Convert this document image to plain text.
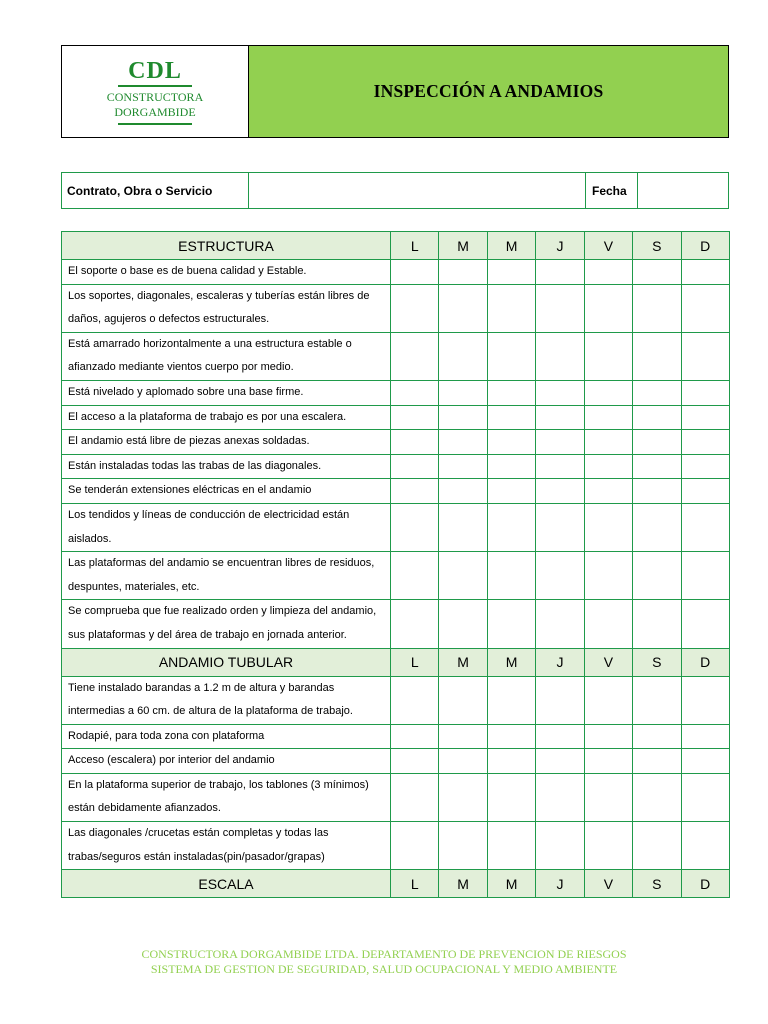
CDL
CONSTRUCTORA
DORGAMBIDE
INSPECCIÓN A ANDAMIOS
Contrato, Obra o Servicio	Fecha
ESTRUCTURA	L	M	M	J	V	S	D

El soporte o base es de buena calidad y Estable.							

Los soportes, diagonales, escaleras y tuberías están libres de daños, agujeros o defectos estructurales.							

Está amarrado horizontalmente a una estructura estable o afianzado mediante vientos cuerpo por medio.							

Está nivelado y aplomado sobre una base firme.							

El acceso a la plataforma de trabajo es por una escalera.							

El andamio está libre de piezas anexas soldadas.							

Están instaladas todas las trabas de las diagonales.							

Se tenderán extensiones eléctricas en el andamio							

Los tendidos y líneas de conducción de electricidad están aislados.							

Las plataformas del andamio se encuentran libres de residuos, despuntes, materiales, etc.							

Se comprueba que fue realizado orden y limpieza del andamio, sus plataformas y del área de trabajo en jornada anterior.							

ANDAMIO TUBULAR	L	M	M	J	V	S	D

Tiene instalado barandas a 1.2 m de altura y barandas intermedias a 60 cm. de altura de la plataforma de trabajo.							

Rodapié, para toda zona con plataforma							

Acceso (escalera) por interior del andamio							

En la plataforma superior de trabajo, los tablones (3 mínimos) están debidamente afianzados.							

Las diagonales /crucetas están completas y todas las trabas/seguros están instaladas(pin/pasador/grapas)							

ESCALA	L	M	M	J	V	S	D
CONSTRUCTORA DORGAMBIDE LTDA. DEPARTAMENTO DE PREVENCION DE RIESGOS
SISTEMA DE GESTION DE SEGURIDAD, SALUD OCUPACIONAL Y MEDIO AMBIENTE
